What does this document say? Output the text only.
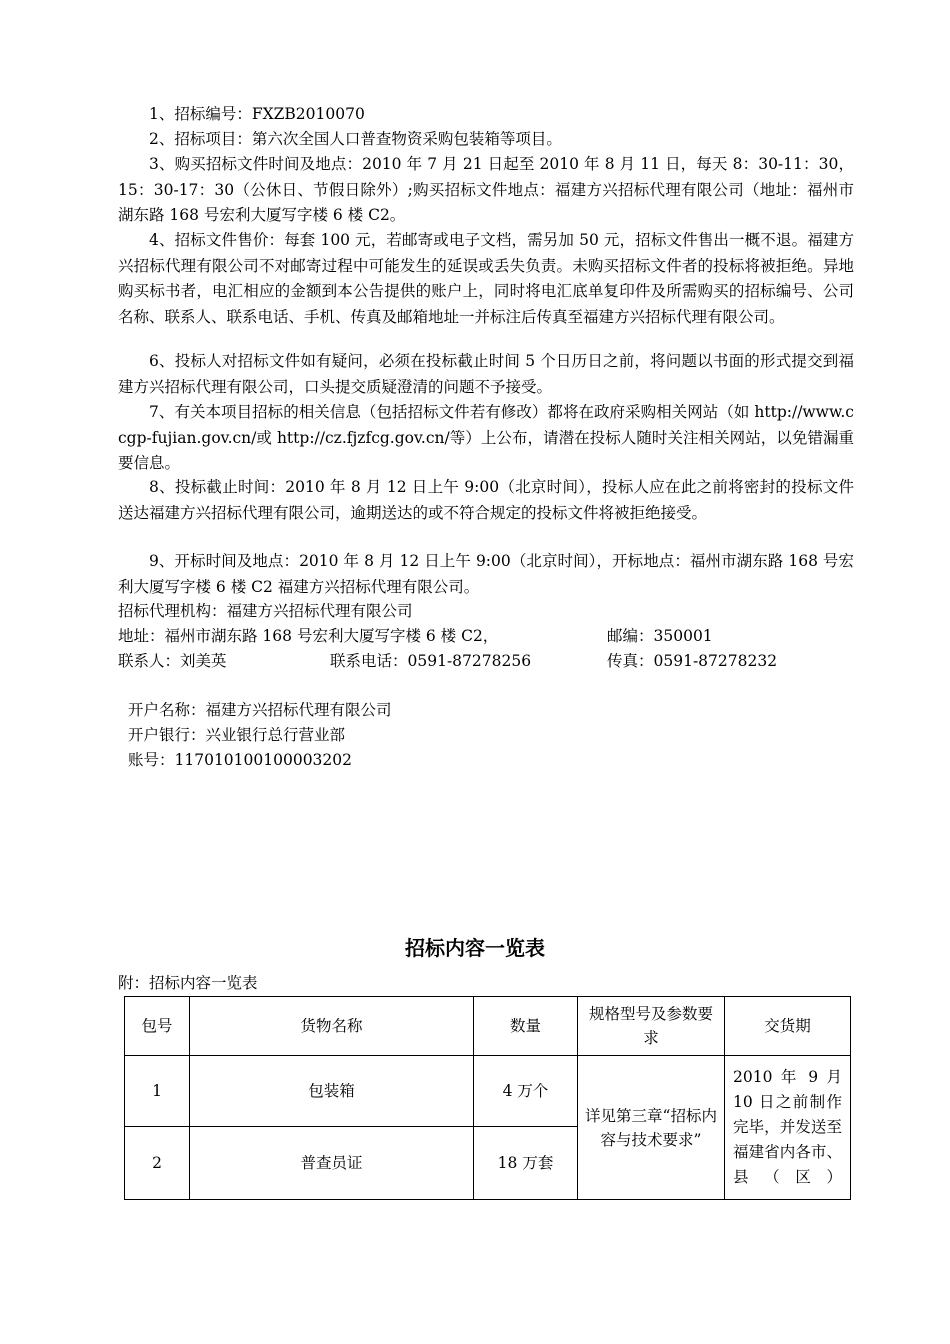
1、招标编号：FXZB2010070
2、招标项目：第六次全国人口普查物资采购包装箱等项目。
3、购买招标文件时间及地点：2010 年 7 月 21 日起至 2010 年 8 月 11 日，每天 8：30-11：30，15：30-17：30（公休日、节假日除外）;购买招标文件地点：福建方兴招标代理有限公司（地址：福州市湖东路 168 号宏利大厦写字楼 6 楼 C2。
4、招标文件售价：每套 100 元，若邮寄或电子文档，需另加 50 元，招标文件售出一概不退。福建方兴招标代理有限公司不对邮寄过程中可能发生的延误或丢失负责。未购买招标文件者的投标将被拒绝。异地购买标书者，电汇相应的金额到本公告提供的账户上，同时将电汇底单复印件及所需购买的招标编号、公司名称、联系人、联系电话、手机、传真及邮箱地址一并标注后传真至福建方兴招标代理有限公司。
6、投标人对招标文件如有疑问，必须在投标截止时间 5 个日历日之前，将问题以书面的形式提交到福建方兴招标代理有限公司，口头提交质疑澄清的问题不予接受。
7、有关本项目招标的相关信息（包括招标文件若有修改）都将在政府采购相关网站（如 http://www.ccgp-fujian.gov.cn/或 http://cz.fjzfcg.gov.cn/等）上公布，请潜在投标人随时关注相关网站，以免错漏重要信息。
8、投标截止时间：2010 年 8 月 12 日上午 9:00（北京时间），投标人应在此之前将密封的投标文件送达福建方兴招标代理有限公司，逾期送达的或不符合规定的投标文件将被拒绝接受。
9、开标时间及地点：2010 年 8 月 12 日上午 9:00（北京时间），开标地点：福州市湖东路 168 号宏利大厦写字楼 6 楼 C2 福建方兴招标代理有限公司。
招标代理机构：福建方兴招标代理有限公司
地址：福州市湖东路 168 号宏利大厦写字楼 6 楼 C2，	邮编：350001
联系人：刘美英	联系电话：0591-87278256	传真：0591-87278232
开户名称：福建方兴招标代理有限公司
开户银行：兴业银行总行营业部
账号：117010100100003202
招标内容一览表
附：招标内容一览表
包号	货物名称	数量	规格型号及参数要求	交货期
1	包装箱	4 万个	详见第三章“招标内容与技术要求”	2010 年 9 月 10 日之前制作完毕，并发送至福建省内各市、县（区）

2	普查员证	18 万套		
